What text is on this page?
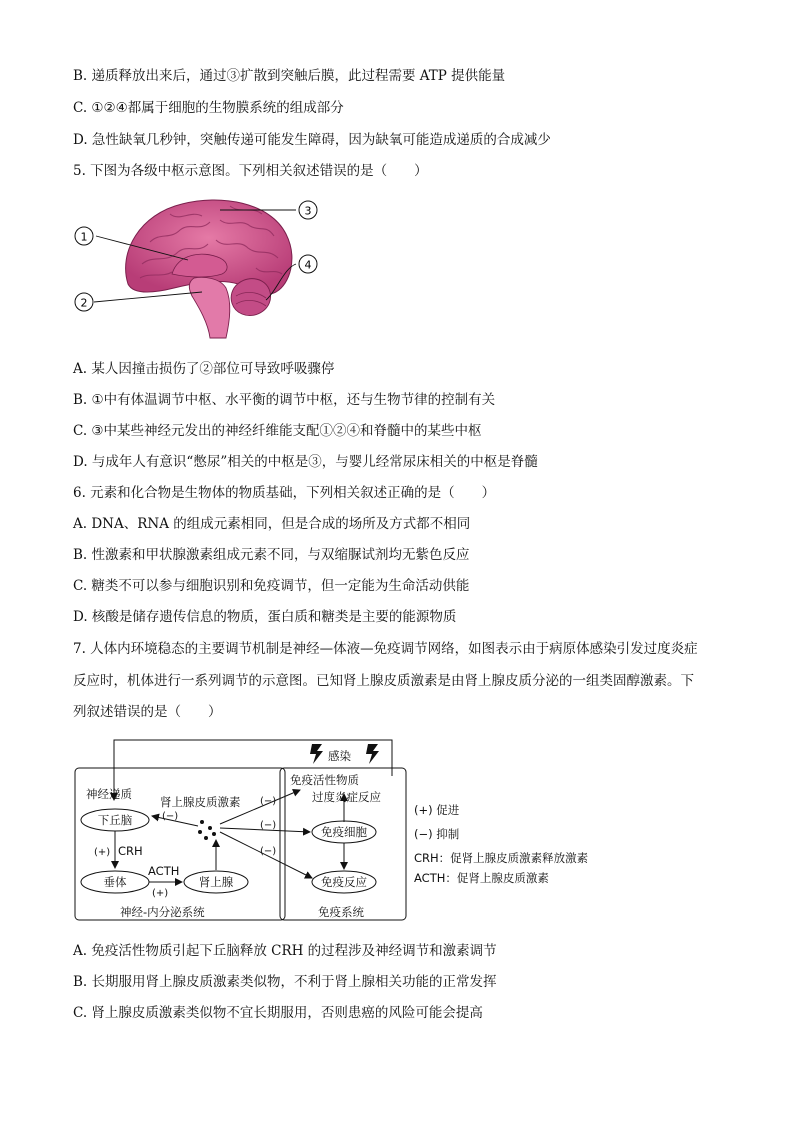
B. 递质释放出来后，通过③扩散到突触后膜，此过程需要 ATP 提供能量
C. ①②④都属于细胞的生物膜系统的组成部分
D. 急性缺氧几秒钟，突触传递可能发生障碍，因为缺氧可能造成递质的合成减少
5. 下图为各级中枢示意图。下列相关叙述错误的是（　　）
1
2
3
4
A. 某人因撞击损伤了②部位可导致呼吸骤停
B. ①中有体温调节中枢、水平衡的调节中枢，还与生物节律的控制有关
C. ③中某些神经元发出的神经纤维能支配①②④和脊髓中的某些中枢
D. 与成年人有意识“憋尿”相关的中枢是③，与婴儿经常尿床相关的中枢是脊髓
6. 元素和化合物是生物体的物质基础，下列相关叙述正确的是（　　）
A. DNA、RNA 的组成元素相同，但是合成的场所及方式都不相同
B. 性激素和甲状腺激素组成元素不同，与双缩脲试剂均无紫色反应
C. 糖类不可以参与细胞识别和免疫调节，但一定能为生命活动供能
D. 核酸是储存遗传信息的物质，蛋白质和糖类是主要的能源物质
7. 人体内环境稳态的主要调节机制是神经—体液—免疫调节网络，如图表示由于病原体感染引发过度炎症
反应时，机体进行一系列调节的示意图。已知肾上腺皮质激素是由肾上腺皮质分泌的一组类固醇激素。下
列叙述错误的是（　　）
感染
免疫活性物质
过度炎症反应
神经递质
肾上腺皮质激素
下丘脑
垂体	肾上腺
免疫细胞
免疫反应
CRH
ACTH
神经-内分泌系统	免疫系统
(+)
(+)
(−)
(−)
(−)
(−)
(+) 促进
(−) 抑制
CRH：促肾上腺皮质激素释放激素
ACTH：促肾上腺皮质激素
A. 免疫活性物质引起下丘脑释放 CRH 的过程涉及神经调节和激素调节
B. 长期服用肾上腺皮质激素类似物，不利于肾上腺相关功能的正常发挥
C. 肾上腺皮质激素类似物不宜长期服用，否则患癌的风险可能会提高
